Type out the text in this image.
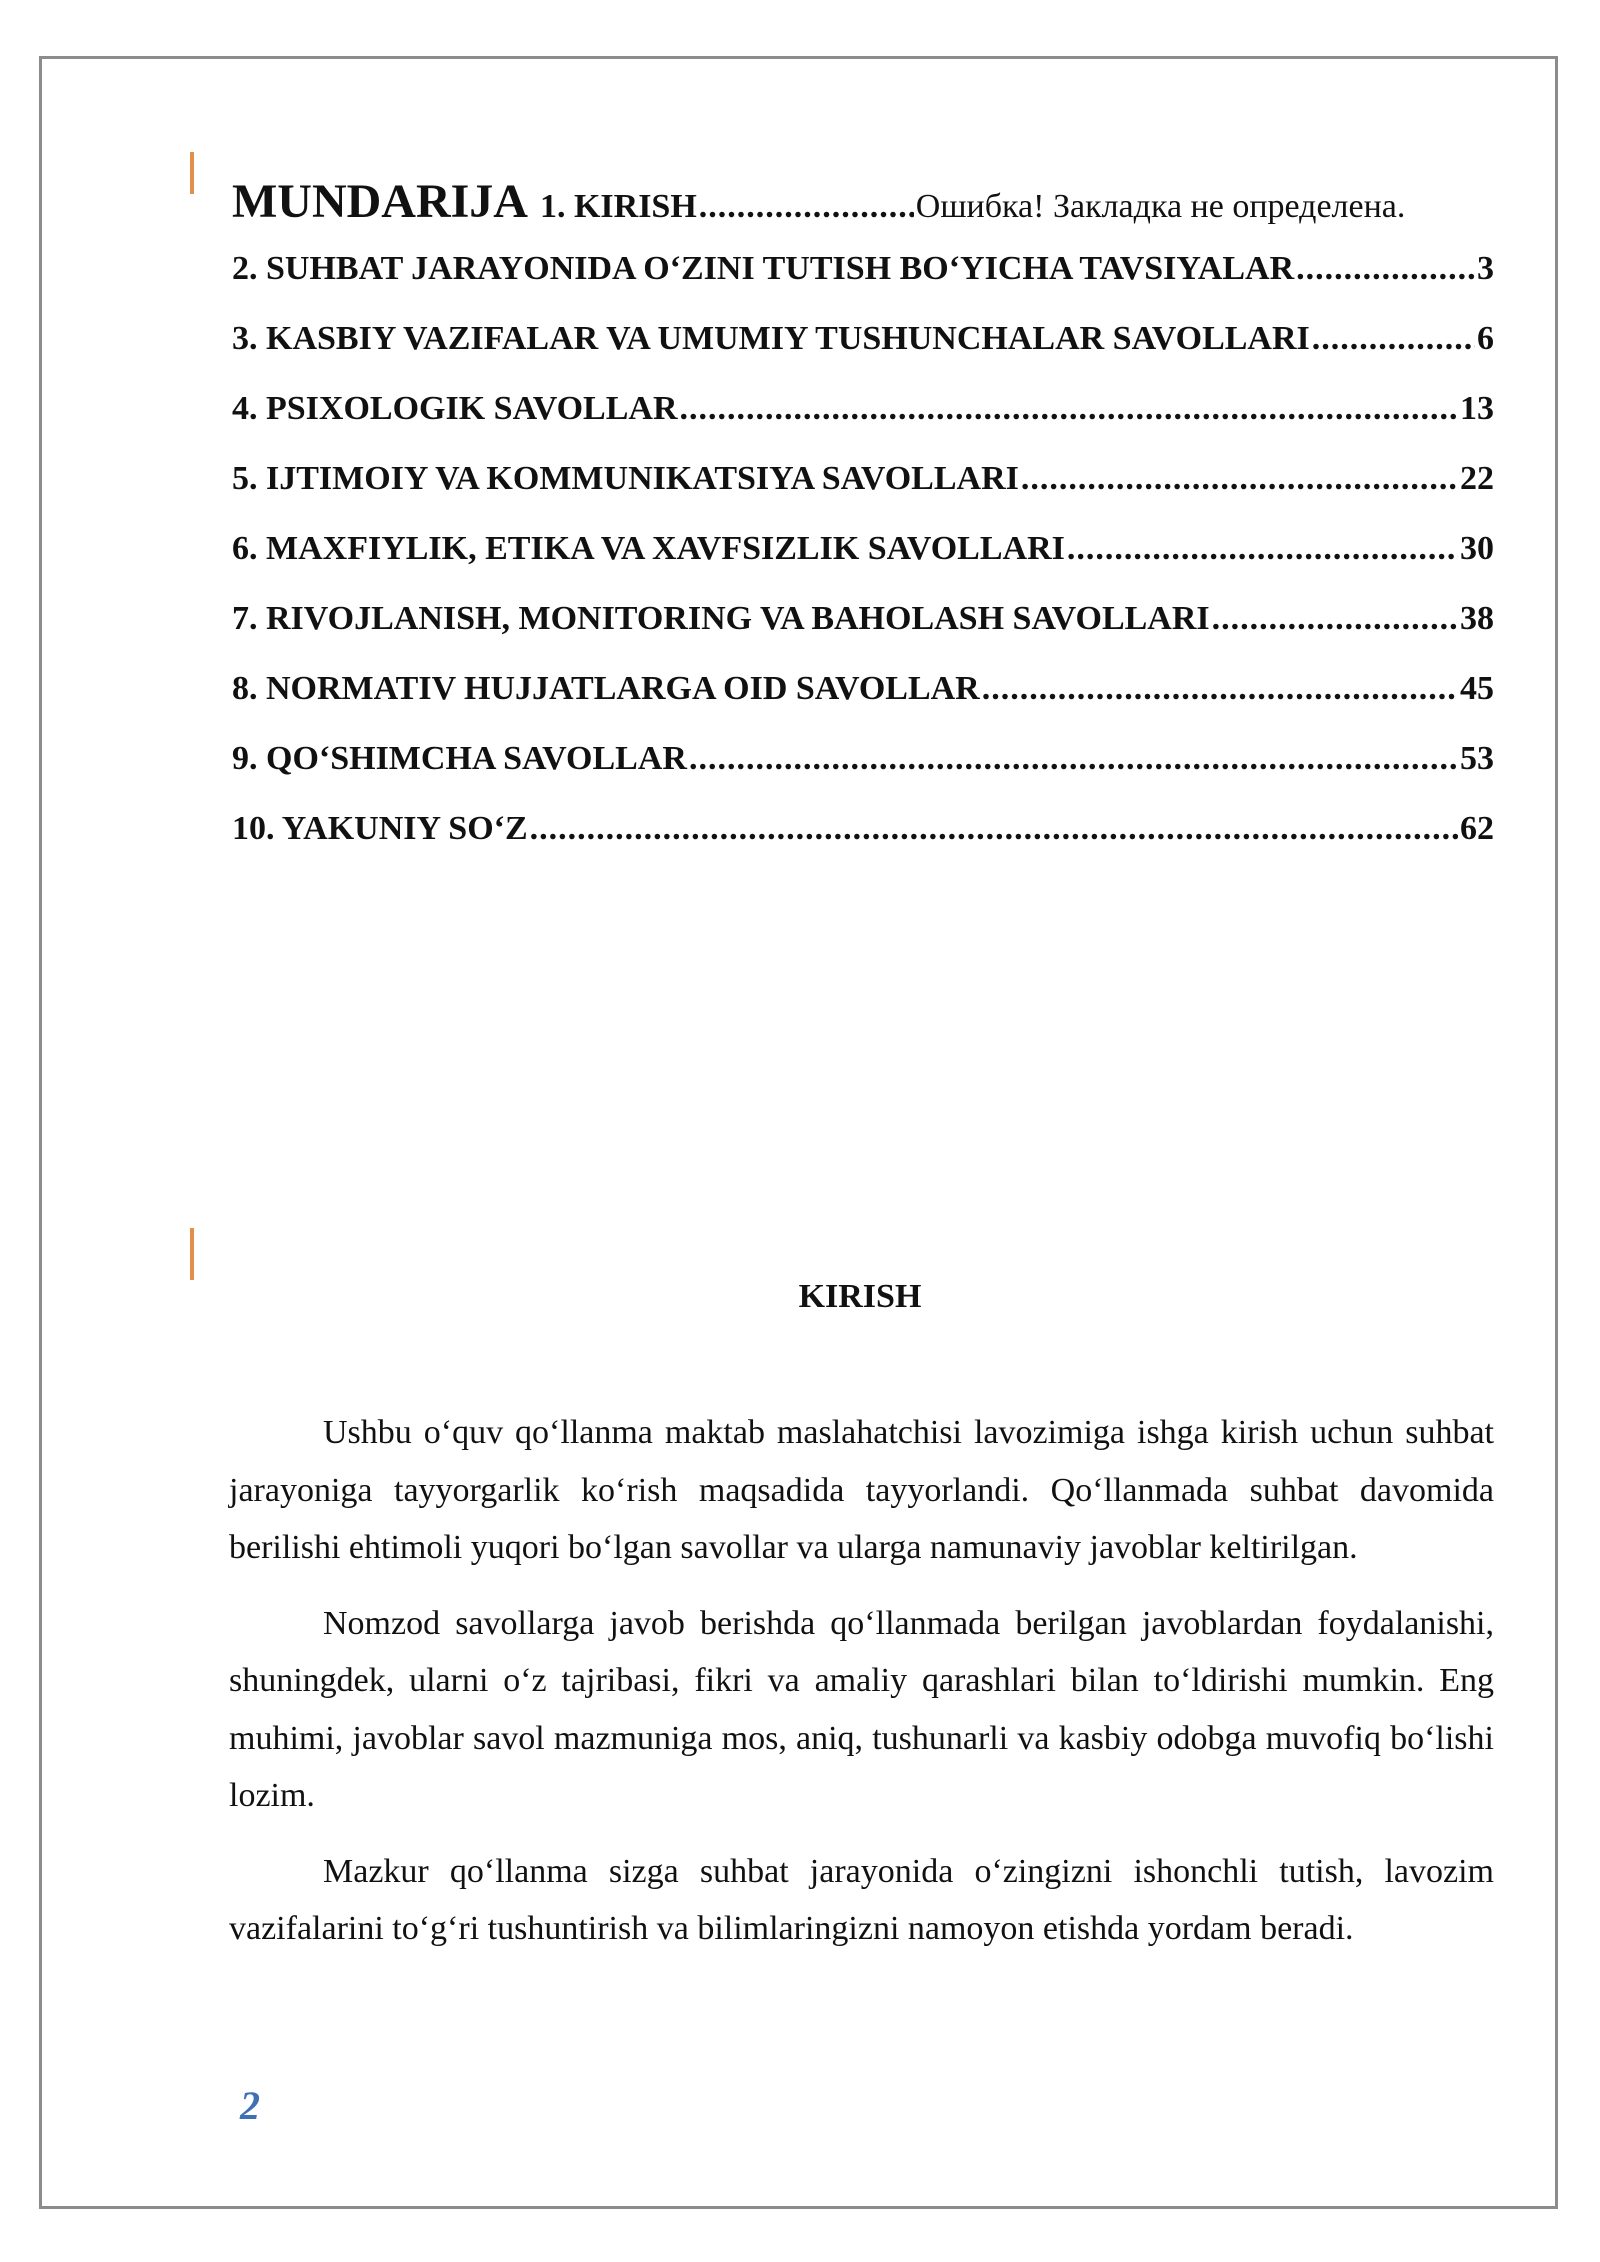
MUNDARIJA 1. KIRISH .....	Ошибка! Закладка не определена.
2. SUHBAT JARAYONIDA O‘ZINI TUTISH BO‘YICHA TAVSIYALAR .....	3
3. KASBIY VAZIFALAR VA UMUMIY TUSHUNCHALAR SAVOLLARI .....	6
4. PSIXOLOGIK SAVOLLAR .....	13
5. IJTIMOIY VA KOMMUNIKATSIYA SAVOLLARI .....	22
6. MAXFIYLIK, ETIKA VA XAVFSIZLIK SAVOLLARI .....	30
7. RIVOJLANISH, MONITORING VA BAHOLASH SAVOLLARI .....	38
8. NORMATIV HUJJATLARGA OID SAVOLLAR .....	45
9. QO‘SHIMCHA SAVOLLAR .....	53
10. YAKUNIY SO‘Z .....	62
KIRISH

Ushbu o‘quv qo‘llanma maktab maslahatchisi lavozimiga ishga kirish uchun suhbat jarayoniga tayyorgarlik ko‘rish maqsadida tayyorlandi. Qo‘llanmada suhbat davomida berilishi ehtimoli yuqori bo‘lgan savollar va ularga namunaviy javoblar keltirilgan.

Nomzod savollarga javob berishda qo‘llanmada berilgan javoblardan foydalanishi, shuningdek, ularni o‘z tajribasi, fikri va amaliy qarashlari bilan to‘ldirishi mumkin. Eng muhimi, javoblar savol mazmuniga mos, aniq, tushunarli va kasbiy odobga muvofiq bo‘lishi lozim.

Mazkur qo‘llanma sizga suhbat jarayonida o‘zingizni ishonchli tutish, lavozim vazifalarini to‘g‘ri tushuntirish va bilimlaringizni namoyon etishda yordam beradi.

2
